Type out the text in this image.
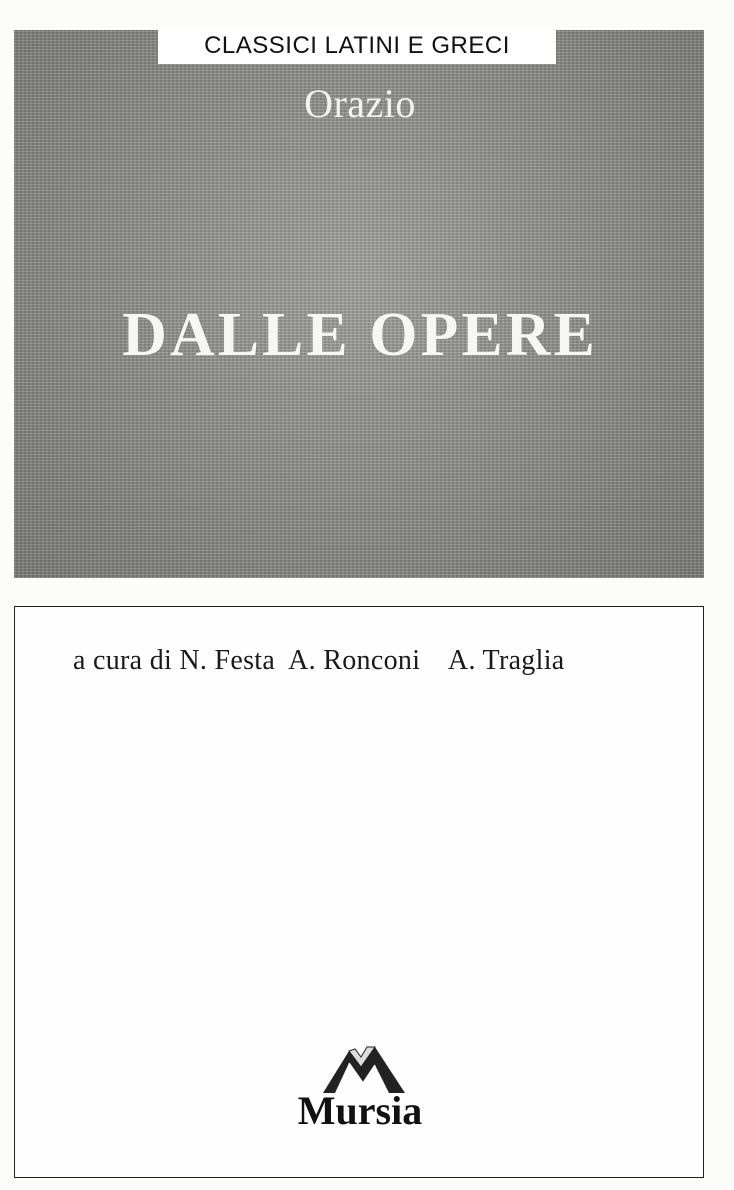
CLASSICI LATINI E GRECI
Orazio
DALLE OPERE
a cura di N. Festa  A. Ronconi    A. Traglia
Mursia
